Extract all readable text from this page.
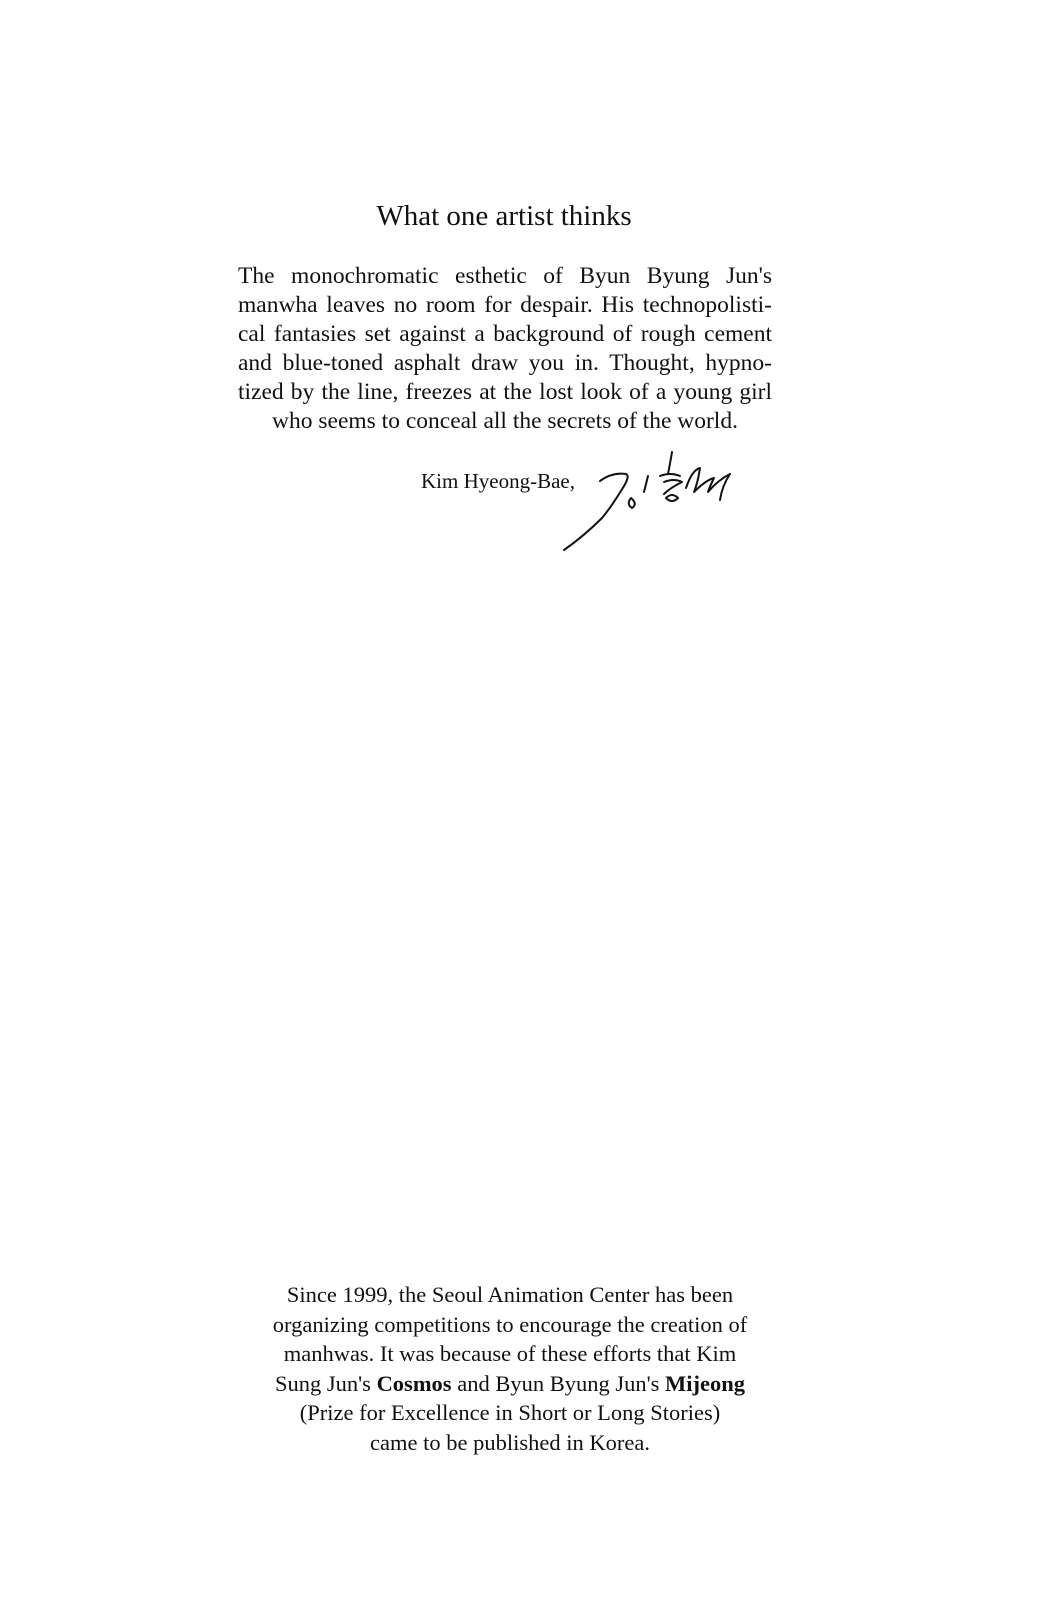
What one artist thinks
The monochromatic esthetic of Byun Byung Jun's
manwha leaves no room for despair. His technopolisti-
cal fantasies set against a background of rough cement
and blue-toned asphalt draw you in. Thought, hypno-
tized by the line, freezes at the lost look of a young girl
who seems to conceal all the secrets of the world.
Kim Hyeong-Bae,
Since 1999, the Seoul Animation Center has been
organizing competitions to encourage the creation of
manhwas. It was because of these efforts that Kim
Sung Jun's Cosmos and Byun Byung Jun's Mijeong
(Prize for Excellence in Short or Long Stories)
came to be published in Korea.
